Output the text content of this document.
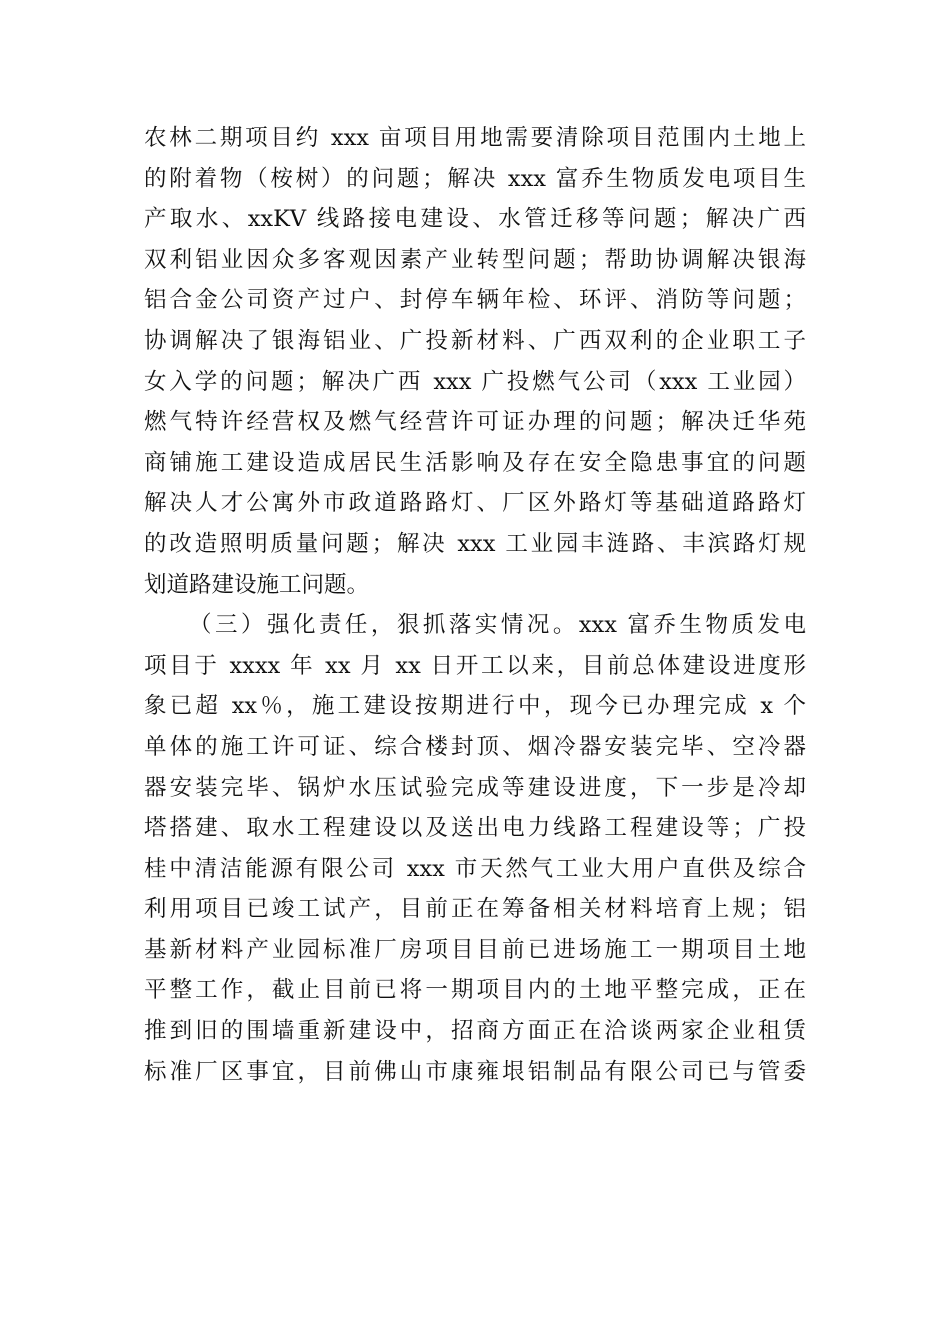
农林二期项目约 xxx 亩项目用地需要清除项目范围内土地上
的附着物（桉树）的问题；解决 xxx 富乔生物质发电项目生
产取水、xxKV 线路接电建设、水管迁移等问题；解决广西
双利铝业因众多客观因素产业转型问题；帮助协调解决银海
铝合金公司资产过户、封停车辆年检、环评、消防等问题；
协调解决了银海铝业、广投新材料、广西双利的企业职工子
女入学的问题；解决广西 xxx 广投燃气公司（xxx 工业园）
燃气特许经营权及燃气经营许可证办理的问题；解决迁华苑
商铺施工建设造成居民生活影响及存在安全隐患事宜的问题
解决人才公寓外市政道路路灯、厂区外路灯等基础道路路灯
的改造照明质量问题；解决 xxx 工业园丰涟路、丰滨路灯规
划道路建设施工问题。
（三）强化责任，狠抓落实情况。xxx 富乔生物质发电
项目于 xxxx 年 xx 月 xx 日开工以来，目前总体建设进度形
象已超 xx％，施工建设按期进行中，现今已办理完成 x 个
单体的施工许可证、综合楼封顶、烟冷器安装完毕、空冷器
器安装完毕、锅炉水压试验完成等建设进度，下一步是冷却
塔搭建、取水工程建设以及送出电力线路工程建设等；广投
桂中清洁能源有限公司 xxx 市天然气工业大用户直供及综合
利用项目已竣工试产，目前正在筹备相关材料培育上规；铝
基新材料产业园标准厂房项目目前已进场施工一期项目土地
平整工作，截止目前已将一期项目内的土地平整完成，正在
推到旧的围墙重新建设中，招商方面正在洽谈两家企业租赁
标准厂区事宜，目前佛山市康雍垠铝制品有限公司已与管委
